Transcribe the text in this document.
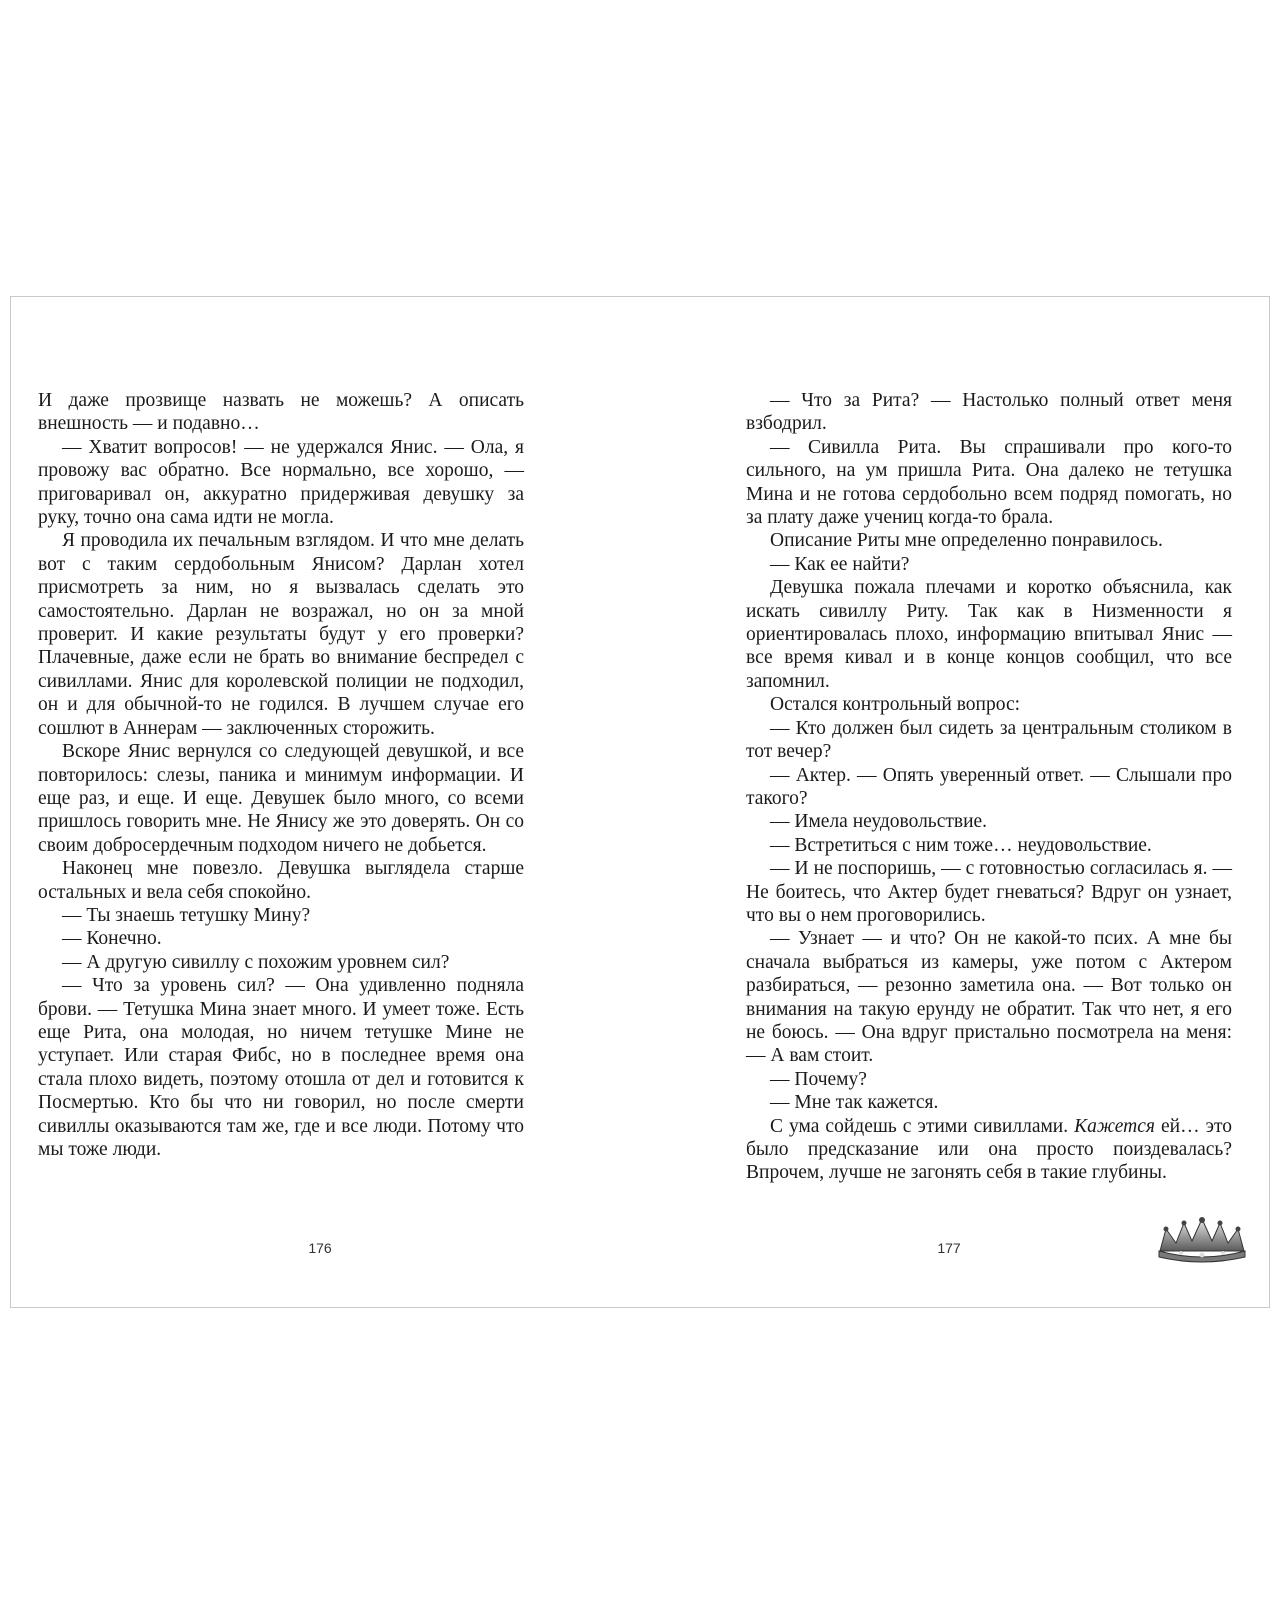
И даже прозвище назвать не можешь? А описать внешность — и подавно…

— Хватит вопросов! — не удержался Янис. — Ола, я провожу вас обратно. Все нормально, все хорошо, — приговаривал он, аккуратно придерживая девушку за руку, точно она сама идти не могла.

Я проводила их печальным взглядом. И что мне делать вот с таким сердобольным Янисом? Дарлан хотел присмотреть за ним, но я вызвалась сделать это самостоятельно. Дарлан не возражал, но он за мной проверит. И какие результаты будут у его проверки? Плачевные, даже если не брать во внимание беспредел с сивиллами. Янис для королевской полиции не подходил, он и для обычной-то не годился. В лучшем случае его сошлют в Аннерам — заключенных сторожить.

Вскоре Янис вернулся со следующей девушкой, и все повторилось: слезы, паника и минимум информации. И еще раз, и еще. И еще. Девушек было много, со всеми пришлось говорить мне. Не Янису же это доверять. Он со своим добросердечным подходом ничего не добьется.

Наконец мне повезло. Девушка выглядела старше остальных и вела себя спокойно.

— Ты знаешь тетушку Мину?

— Конечно.

— А другую сивиллу с похожим уровнем сил?

— Что за уровень сил? — Она удивленно подняла брови. — Тетушка Мина знает много. И умеет тоже. Есть еще Рита, она молодая, но ничем тетушке Мине не уступает. Или старая Фибс, но в последнее время она стала плохо видеть, поэтому отошла от дел и готовится к Посмертью. Кто бы что ни говорил, но после смерти сивиллы оказываются там же, где и все люди. Потому что мы тоже люди.

176

— Что за Рита? — Настолько полный ответ меня взбодрил.

— Сивилла Рита. Вы спрашивали про кого-то сильного, на ум пришла Рита. Она далеко не тетушка Мина и не готова сердобольно всем подряд помогать, но за плату даже учениц когда-то брала.

Описание Риты мне определенно понравилось.

— Как ее найти?

Девушка пожала плечами и коротко объяснила, как искать сивиллу Риту. Так как в Низменности я ориентировалась плохо, информацию впитывал Янис — все время кивал и в конце концов сообщил, что все запомнил.

Остался контрольный вопрос:

— Кто должен был сидеть за центральным столиком в тот вечер?

— Актер. — Опять уверенный ответ. — Слышали про такого?

— Имела неудовольствие.

— Встретиться с ним тоже… неудовольствие.

— И не поспоришь, — с готовностью согласилась я. — Не боитесь, что Актер будет гневаться? Вдруг он узнает, что вы о нем проговорились.

— Узнает — и что? Он не какой-то псих. А мне бы сначала выбраться из камеры, уже потом с Актером разбираться, — резонно заметила она. — Вот только он внимания на такую ерунду не обратит. Так что нет, я его не боюсь. — Она вдруг пристально посмотрела на меня: — А вам стоит.

— Почему?

— Мне так кажется.

С ума сойдешь с этими сивиллами. Кажется ей… это было предсказание или она просто поиздевалась? Впрочем, лучше не загонять себя в такие глубины.

177
